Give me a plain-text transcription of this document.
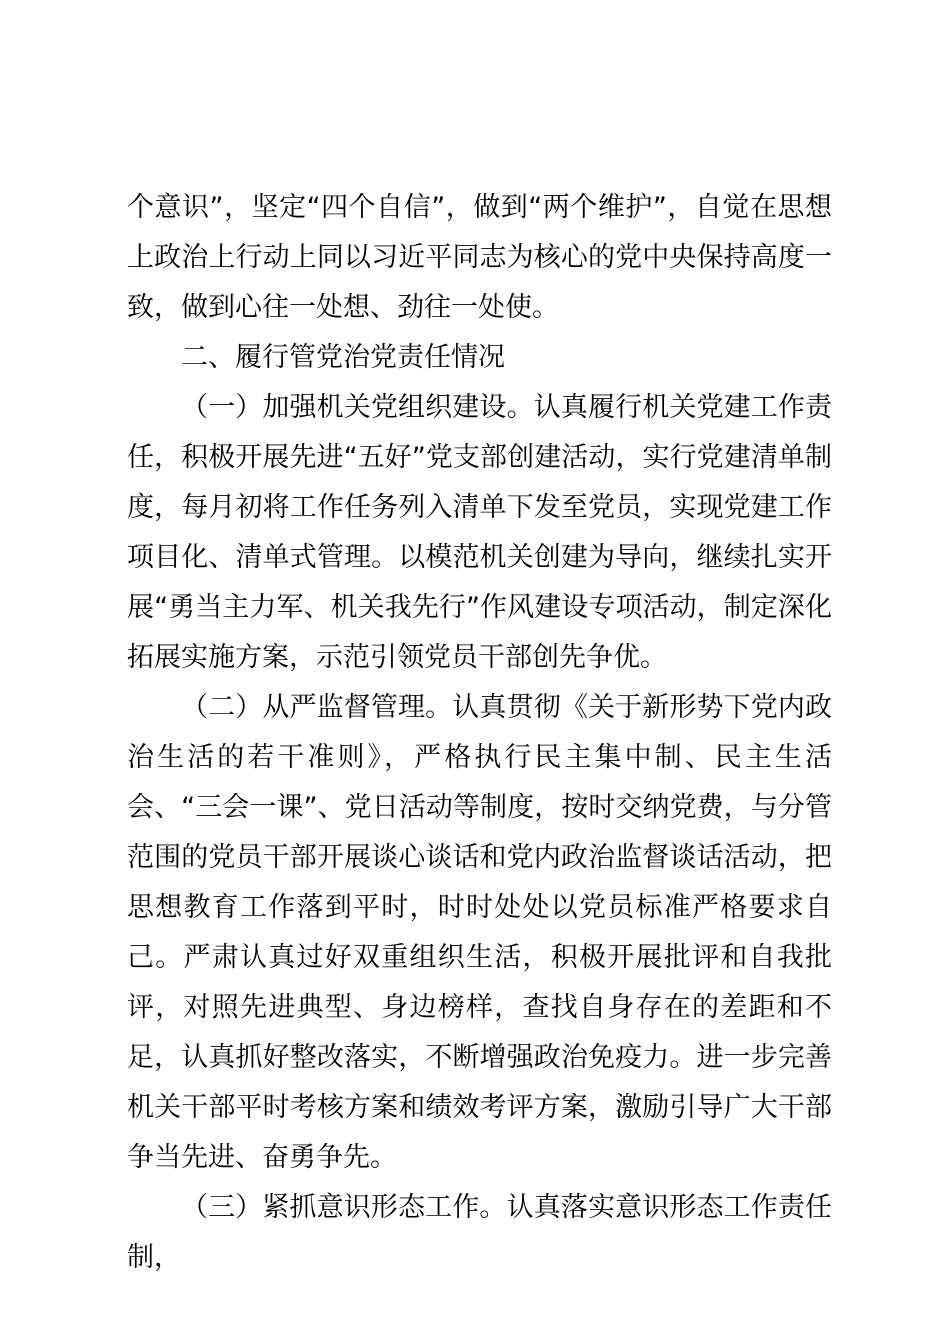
个意识”，坚定“四个自信”，做到“两个维护”，自觉在思想上政治上行动上同以习近平同志为核心的党中央保持高度一致，做到心往一处想、劲往一处使。

二、履行管党治党责任情况

（一）加强机关党组织建设。认真履行机关党建工作责任，积极开展先进“五好”党支部创建活动，实行党建清单制度，每月初将工作任务列入清单下发至党员，实现党建工作项目化、清单式管理。以模范机关创建为导向，继续扎实开展“勇当主力军、机关我先行”作风建设专项活动，制定深化拓展实施方案，示范引领党员干部创先争优。

（二）从严监督管理。认真贯彻《关于新形势下党内政治生活的若干准则》，严格执行民主集中制、民主生活会、“三会一课”、党日活动等制度，按时交纳党费，与分管范围的党员干部开展谈心谈话和党内政治监督谈话活动，把思想教育工作落到平时，时时处处以党员标准严格要求自己。严肃认真过好双重组织生活，积极开展批评和自我批评，对照先进典型、身边榜样，查找自身存在的差距和不足，认真抓好整改落实，不断增强政治免疫力。进一步完善机关干部平时考核方案和绩效考评方案，激励引导广大干部争当先进、奋勇争先。

（三）紧抓意识形态工作。认真落实意识形态工作责任制，
